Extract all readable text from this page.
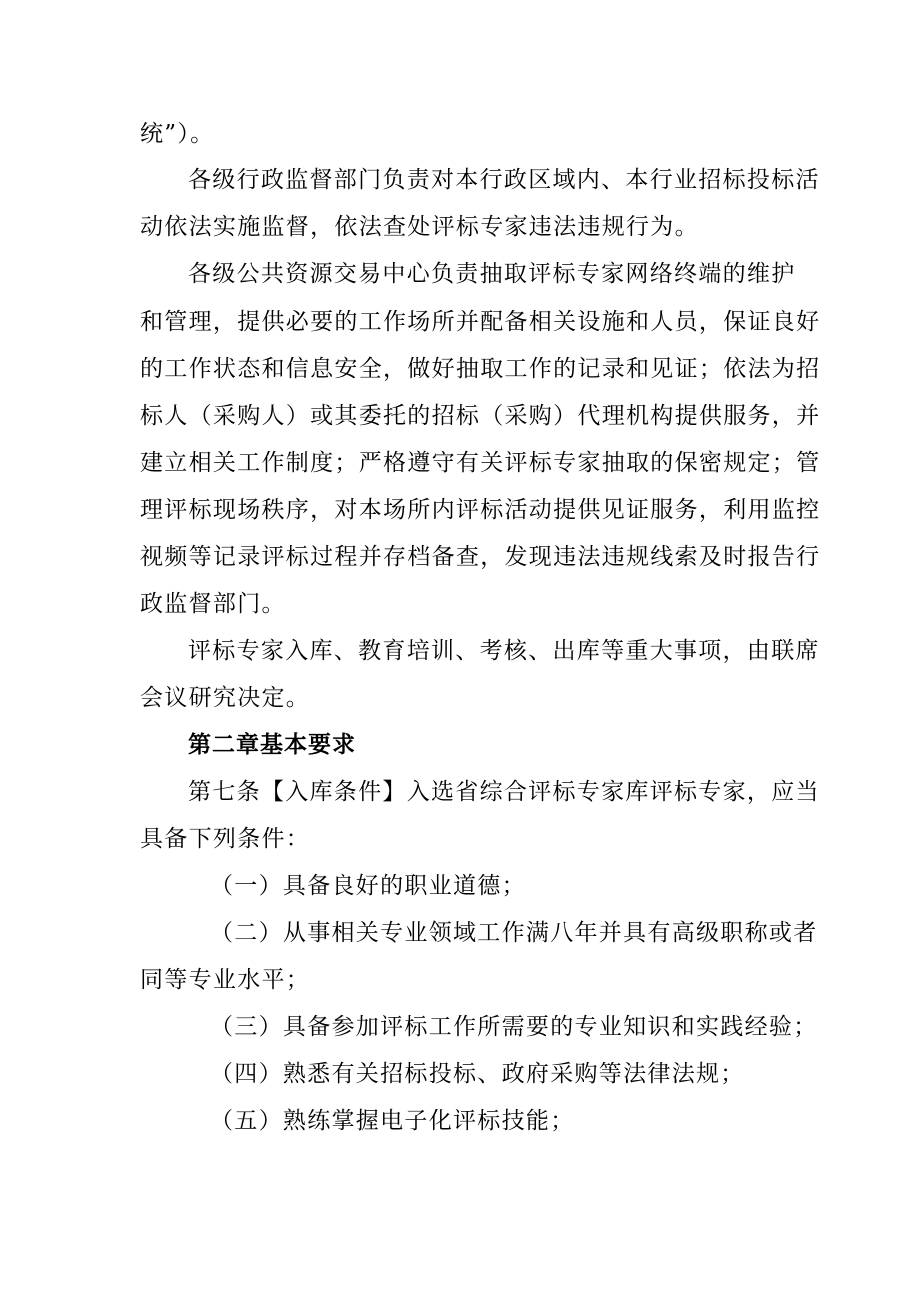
统”）。
各级行政监督部门负责对本行政区域内、本行业招标投标活
动依法实施监督，依法查处评标专家违法违规行为。
各级公共资源交易中心负责抽取评标专家网络终端的维护
和管理，提供必要的工作场所并配备相关设施和人员，保证良好
的工作状态和信息安全，做好抽取工作的记录和见证；依法为招
标人（采购人）或其委托的招标（采购）代理机构提供服务，并
建立相关工作制度；严格遵守有关评标专家抽取的保密规定；管
理评标现场秩序，对本场所内评标活动提供见证服务，利用监控
视频等记录评标过程并存档备查，发现违法违规线索及时报告行
政监督部门。
评标专家入库、教育培训、考核、出库等重大事项，由联席
会议研究决定。
第二章基本要求
第七条【入库条件】入选省综合评标专家库评标专家，应当
具备下列条件：
（一）具备良好的职业道德；
（二）从事相关专业领域工作满八年并具有高级职称或者
同等专业水平；
（三）具备参加评标工作所需要的专业知识和实践经验；
（四）熟悉有关招标投标、政府采购等法律法规；
（五）熟练掌握电子化评标技能；
